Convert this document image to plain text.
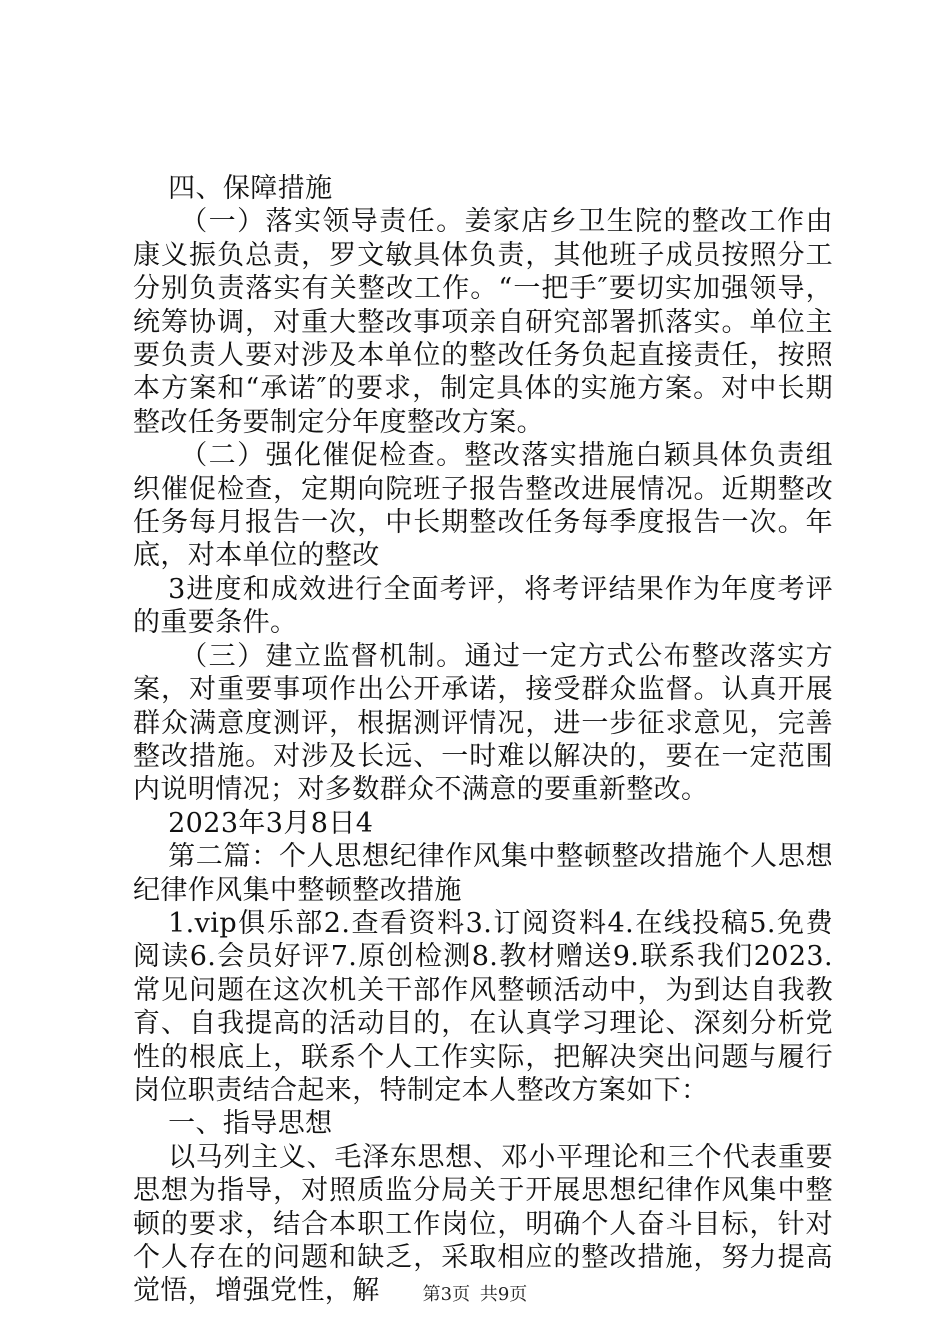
四、保障措施

（一）落实领导责任。姜家店乡卫生院的整改工作由康义振负总责，罗文敏具体负责，其他班子成员按照分工分别负责落实有关整改工作。“一把手″要切实加强领导，统筹协调，对重大整改事项亲自研究部署抓落实。单位主要负责人要对涉及本单位的整改任务负起直接责任，按照本方案和“承诺″的要求，制定具体的实施方案。对中长期整改任务要制定分年度整改方案。

（二）强化催促检查。整改落实措施白颖具体负责组织催促检查，定期向院班子报告整改进展情况。近期整改任务每月报告一次，中长期整改任务每季度报告一次。年底，对本单位的整改

3进度和成效进行全面考评，将考评结果作为年度考评的重要条件。

（三）建立监督机制。通过一定方式公布整改落实方案，对重要事项作出公开承诺，接受群众监督。认真开展群众满意度测评，根据测评情况，进一步征求意见，完善整改措施。对涉及长远、一时难以解决的，要在一定范围内说明情况；对多数群众不满意的要重新整改。

2023年3月8日4

第二篇：个人思想纪律作风集中整顿整改措施个人思想纪律作风集中整顿整改措施

1.vip俱乐部2.查看资料3.订阅资料4.在线投稿5.免费阅读6.会员好评7.原创检测8.教材赠送9.联系我们2023.常见问题在这次机关干部作风整顿活动中，为到达自我教育、自我提高的活动目的，在认真学习理论、深刻分析党性的根底上，联系个人工作实际，把解决突出问题与履行岗位职责结合起来，特制定本人整改方案如下：

一、指导思想

以马列主义、毛泽东思想、邓小平理论和三个代表重要思想为指导，对照质监分局关于开展思想纪律作风集中整顿的要求，结合本职工作岗位，明确个人奋斗目标，针对个人存在的问题和缺乏，采取相应的整改措施，努力提高觉悟，增强党性，解	第3页 共9页
